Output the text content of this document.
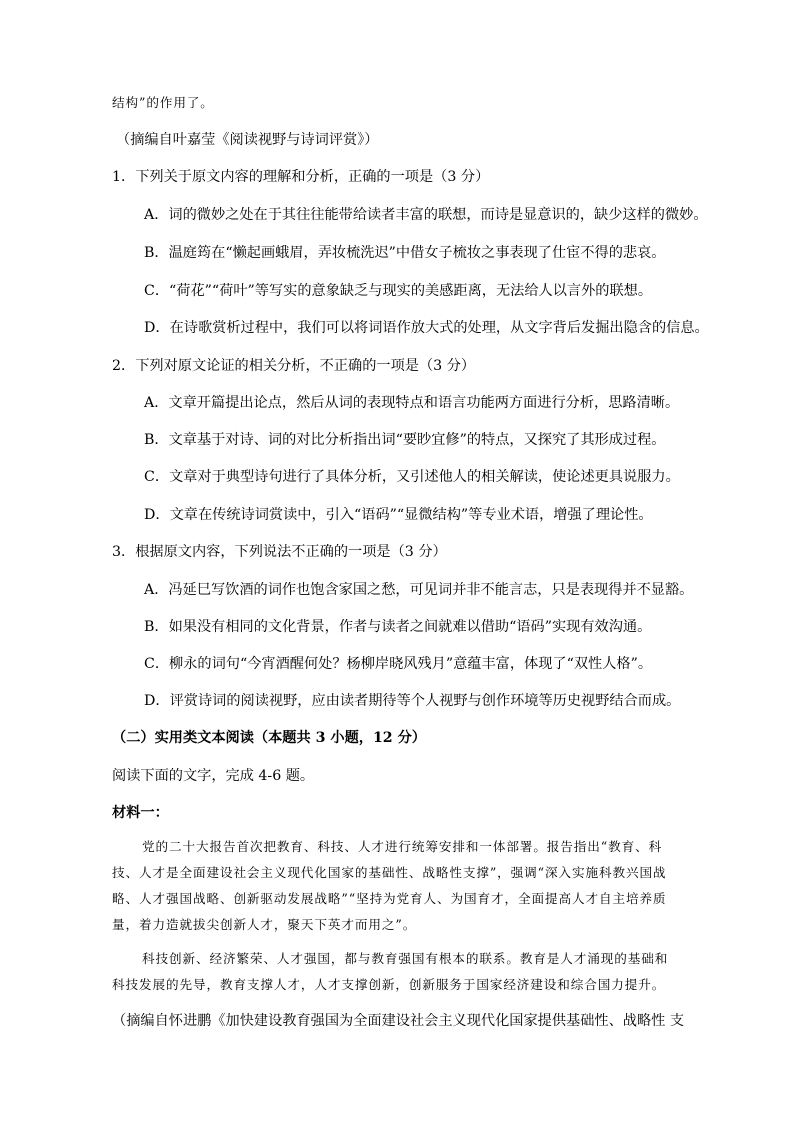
结构”的作用了。
（摘编自叶嘉莹《阅读视野与诗词评赏》）
1．下列关于原文内容的理解和分析，正确的一项是（3 分）
A．词的微妙之处在于其往往能带给读者丰富的联想，而诗是显意识的，缺少这样的微妙。
B．温庭筠在“懒起画蛾眉，弄妆梳洗迟”中借女子梳妆之事表现了仕宦不得的悲哀。
C．“荷花”“荷叶”等写实的意象缺乏与现实的美感距离，无法给人以言外的联想。
D．在诗歌赏析过程中，我们可以将词语作放大式的处理，从文字背后发掘出隐含的信息。
2．下列对原文论证的相关分析，不正确的一项是（3 分）
A．文章开篇提出论点，然后从词的表现特点和语言功能两方面进行分析，思路清晰。
B．文章基于对诗、词的对比分析指出词“要眇宜修”的特点，又探究了其形成过程。
C．文章对于典型诗句进行了具体分析，又引述他人的相关解读，使论述更具说服力。
D．文章在传统诗词赏读中，引入“语码”“显微结构”等专业术语，增强了理论性。
3．根据原文内容，下列说法不正确的一项是（3 分）
A．冯延巳写饮酒的词作也饱含家国之愁，可见词并非不能言志，只是表现得并不显豁。
B．如果没有相同的文化背景，作者与读者之间就难以借助“语码”实现有效沟通。
C．柳永的词句“今宵酒醒何处？杨柳岸晓风残月”意蕴丰富，体现了“双性人格”。
D．评赏诗词的阅读视野，应由读者期待等个人视野与创作环境等历史视野结合而成。
（二）实用类文本阅读（本题共 3 小题，12 分）
阅读下面的文字，完成 4-6 题。
材料一：
党的二十大报告首次把教育、科技、人才进行统筹安排和一体部署。报告指出“教育、科
技、人才是全面建设社会主义现代化国家的基础性、战略性支撑”，强调“深入实施科教兴国战
略、人才强国战略、创新驱动发展战略”“坚持为党育人、为国育才，全面提高人才自主培养质
量，着力造就拔尖创新人才，聚天下英才而用之”。
科技创新、经济繁荣、人才强国，都与教育强国有根本的联系。教育是人才涌现的基础和
科技发展的先导，教育支撑人才，人才支撑创新，创新服务于国家经济建设和综合国力提升。
（摘编自怀进鹏《加快建设教育强国为全面建设社会主义现代化国家提供基础性、战略性 支
